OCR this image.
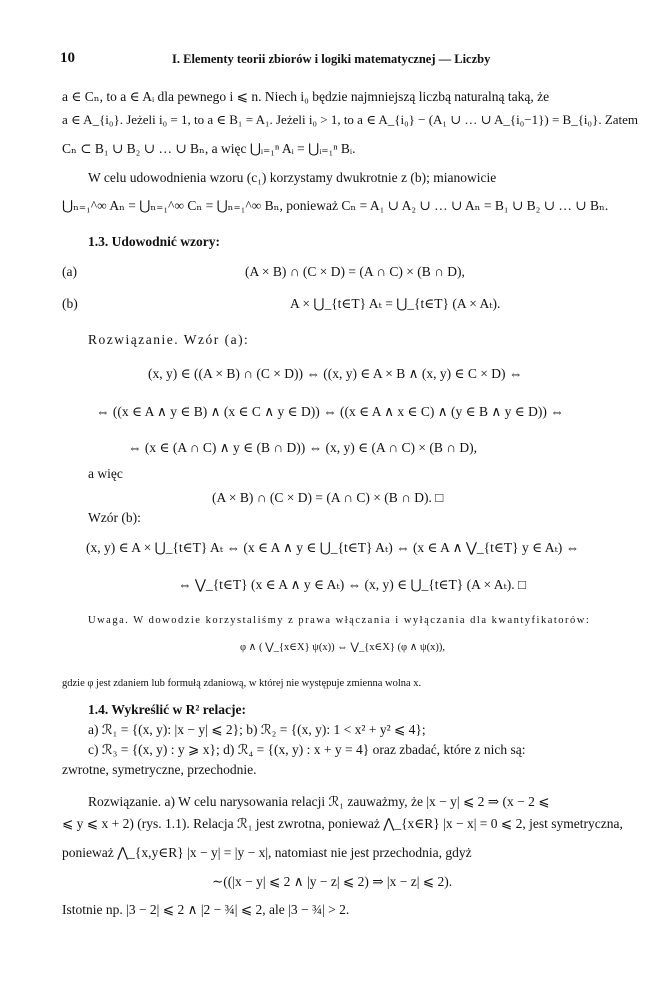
10	I. Elementy teorii zbiorów i logiki matematycznej — Liczby
a ∈ Cₙ, to a ∈ Aᵢ dla pewnego i ⩽ n. Niech i₀ będzie najmniejszą liczbą naturalną taką, że
a ∈ A_{i₀}. Jeżeli i₀ = 1, to a ∈ B₁ = A₁. Jeżeli i₀ > 1, to a ∈ A_{i₀} − (A₁ ∪ … ∪ A_{i₀−1}) = B_{i₀}. Zatem
Cₙ ⊂ B₁ ∪ B₂ ∪ … ∪ Bₙ, a więc ⋃ᵢ₌₁ⁿ Aᵢ = ⋃ᵢ₌₁ⁿ Bᵢ.
W celu udowodnienia wzoru (c₁) korzystamy dwukrotnie z (b); mianowicie
⋃ₙ₌₁^∞ Aₙ = ⋃ₙ₌₁^∞ Cₙ = ⋃ₙ₌₁^∞ Bₙ, ponieważ Cₙ = A₁ ∪ A₂ ∪ … ∪ Aₙ = B₁ ∪ B₂ ∪ … ∪ Bₙ.
1.3. Udowodnić wzory:
(a)	(A × B) ∩ (C × D) = (A ∩ C) × (B ∩ D),
(b)	A × ⋃_{t∈T} Aₜ = ⋃_{t∈T} (A × Aₜ).
Rozwiązanie. Wzór (a):
(x, y) ∈ ((A × B) ∩ (C × D)) ⇔ ((x, y) ∈ A × B ∧ (x, y) ∈ C × D) ⇔
⇔ ((x ∈ A ∧ y ∈ B) ∧ (x ∈ C ∧ y ∈ D)) ⇔ ((x ∈ A ∧ x ∈ C) ∧ (y ∈ B ∧ y ∈ D)) ⇔
⇔ (x ∈ (A ∩ C) ∧ y ∈ (B ∩ D)) ⇔ (x, y) ∈ (A ∩ C) × (B ∩ D),
a więc
(A × B) ∩ (C × D) = (A ∩ C) × (B ∩ D). □
Wzór (b):
(x, y) ∈ A × ⋃_{t∈T} Aₜ ⇔ (x ∈ A ∧ y ∈ ⋃_{t∈T} Aₜ) ⇔ (x ∈ A ∧ ⋁_{t∈T} y ∈ Aₜ) ⇔
⇔ ⋁_{t∈T} (x ∈ A ∧ y ∈ Aₜ) ⇔ (x, y) ∈ ⋃_{t∈T} (A × Aₜ). □
Uwaga. W dowodzie korzystaliśmy z prawa włączania i wyłączania dla kwantyfikatorów:
φ ∧ ( ⋁_{x∈X} ψ(x)) ⇔ ⋁_{x∈X} (φ ∧ ψ(x)),
gdzie φ jest zdaniem lub formułą zdaniową, w której nie występuje zmienna wolna x.
1.4. Wykreślić w R² relacje:
a) ℛ₁ = {(x, y): |x − y| ⩽ 2}; b) ℛ₂ = {(x, y): 1 < x² + y² ⩽ 4};
c) ℛ₃ = {(x, y) : y ⩾ x}; d) ℛ₄ = {(x, y) : x + y = 4} oraz zbadać, które z nich są:
zwrotne, symetryczne, przechodnie.
Rozwiązanie. a) W celu narysowania relacji ℛ₁ zauważmy, że |x − y| ⩽ 2 ⇒ (x − 2 ⩽
⩽ y ⩽ x + 2) (rys. 1.1). Relacja ℛ₁ jest zwrotna, ponieważ ⋀_{x∈R} |x − x| = 0 ⩽ 2, jest symetryczna,
ponieważ ⋀_{x,y∈R} |x − y| = |y − x|, natomiast nie jest przechodnia, gdyż
∼((|x − y| ⩽ 2 ∧ |y − z| ⩽ 2) ⇒ |x − z| ⩽ 2).
Istotnie np. |3 − 2| ⩽ 2 ∧ |2 − ¾| ⩽ 2, ale |3 − ¾| > 2.
